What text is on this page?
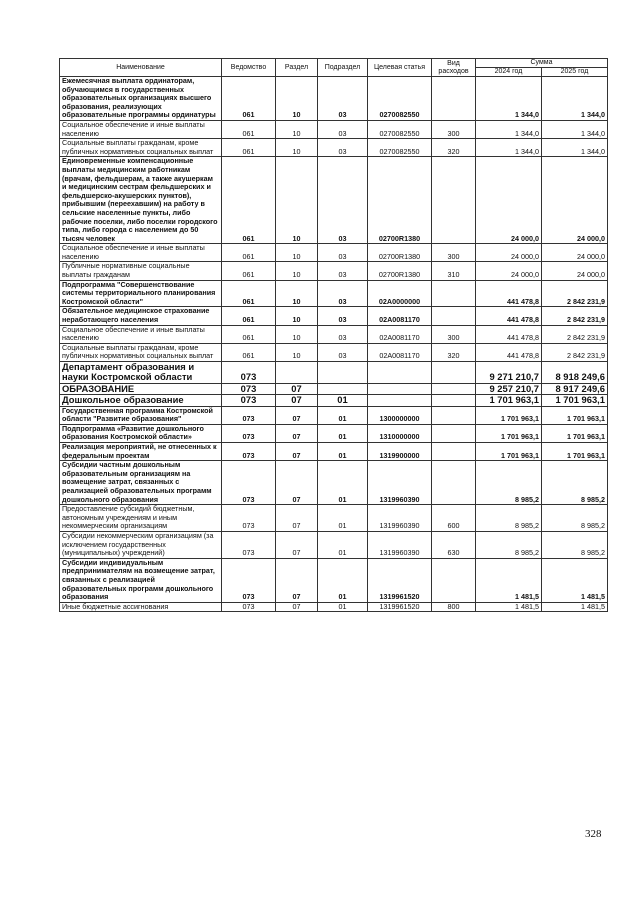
Наименование	Ведомство	Раздел	Подраздел	Целевая статья	Вид расходов	Сумма	
						2024 год	2025 год
Ежемесячная выплата ординаторам, обучающимся в государственных образовательных организациях высшего образования, реализующих образовательные программы ординатуры	061	10	03	0270082550		1 344,0	1 344,0
Социальное обеспечение и иные выплаты населению	061	10	03	0270082550	300	1 344,0	1 344,0
Социальные выплаты гражданам, кроме публичных нормативных социальных выплат	061	10	03	0270082550	320	1 344,0	1 344,0
Единовременные компенсационные выплаты медицинским работникам (врачам, фельдшерам, а также акушеркам и медицинским сестрам фельдшерских и фельдшерско-акушерских пунктов), прибывшим (переехавшим) на работу в сельские населенные пункты, либо рабочие поселки, либо поселки городского типа, либо города с населением до 50 тысяч человек	061	10	03	02700R1380		24 000,0	24 000,0
Социальное обеспечение и иные выплаты населению	061	10	03	02700R1380	300	24 000,0	24 000,0
Публичные нормативные социальные выплаты гражданам	061	10	03	02700R1380	310	24 000,0	24 000,0
Подпрограмма "Совершенствование системы территориального планирования Костромской области"	061	10	03	02A0000000		441 478,8	2 842 231,9
Обязательное медицинское страхование неработающего населения	061	10	03	02A0081170		441 478,8	2 842 231,9
Социальное обеспечение и иные выплаты населению	061	10	03	02A0081170	300	441 478,8	2 842 231,9
Социальные выплаты гражданам, кроме публичных нормативных социальных выплат	061	10	03	02A0081170	320	441 478,8	2 842 231,9
Департамент образования и науки Костромской области	073					9 271 210,7	8 918 249,6
ОБРАЗОВАНИЕ	073	07				9 257 210,7	8 917 249,6
Дошкольное образование	073	07	01			1 701 963,1	1 701 963,1
Государственная программа Костромской области "Развитие образования"	073	07	01	1300000000		1 701 963,1	1 701 963,1
Подпрограмма «Развитие дошкольного образования Костромской области»	073	07	01	1310000000		1 701 963,1	1 701 963,1
Реализация мероприятий, не отнесенных к федеральным проектам	073	07	01	1319900000		1 701 963,1	1 701 963,1
Субсидии частным дошкольным образовательным организациям на возмещение затрат, связанных с реализацией образовательных программ дошкольного образования	073	07	01	1319960390		8 985,2	8 985,2
Предоставление субсидий бюджетным, автономным учреждениям и иным некоммерческим организациям	073	07	01	1319960390	600	8 985,2	8 985,2
Субсидии некоммерческим организациям (за исключением государственных (муниципальных) учреждений)	073	07	01	1319960390	630	8 985,2	8 985,2
Субсидии индивидуальным предпринимателям на возмещение затрат, связанных с реализацией образовательных программ дошкольного образования	073	07	01	1319961520		1 481,5	1 481,5
Иные бюджетные ассигнования	073	07	01	1319961520	800	1 481,5	1 481,5
328
